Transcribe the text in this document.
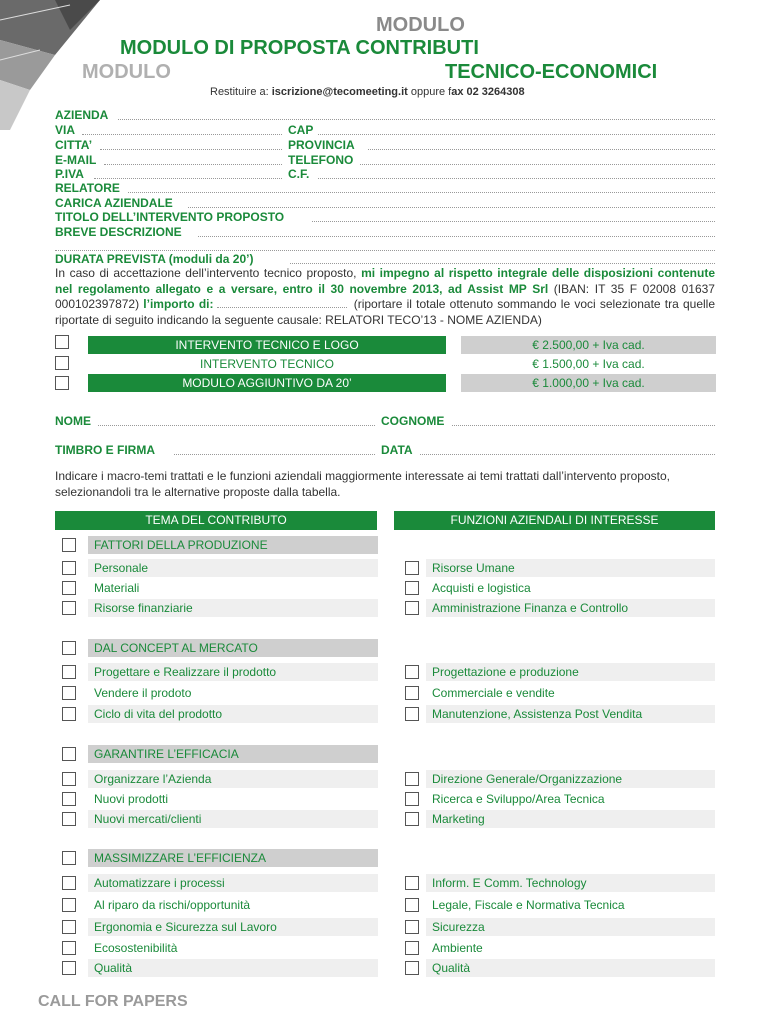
MODULO
MODULO DI PROPOSTA CONTRIBUTI
MODULO	TECNICO-ECONOMICI
Restituire a: iscrizione@tecomeeting.it oppure fax 02 3264308
AZIENDA
VIA	CAP
CITTA’	PROVINCIA
E-MAIL	TELEFONO
P.IVA	C.F.
RELATORE
CARICA AZIENDALE
TITOLO DELL’INTERVENTO PROPOSTO
BREVE DESCRIZIONE
DURATA PREVISTA (moduli da 20’)
In caso di accettazione dell’intervento tecnico proposto, mi impegno al rispetto integrale delle disposizioni contenute nel regolamento allegato e a versare, entro il 30 novembre 2013, ad Assist MP Srl (IBAN: IT 35 F 02008 01637 000102397872) l’importo di:	(riportare il totale ottenuto sommando le voci selezionate tra quelle riportate di seguito indicando la seguente causale: RELATORI TECO’13 - NOME AZIENDA)
INTERVENTO TECNICO E LOGO	€ 2.500,00 + Iva cad.
INTERVENTO TECNICO	€ 1.500,00 + Iva cad.
MODULO AGGIUNTIVO DA 20’	€ 1.000,00 + Iva cad.
NOME	COGNOME
TIMBRO E FIRMA	DATA
Indicare i macro-temi trattati e le funzioni aziendali maggiormente interessate ai temi trattati dall’intervento proposto, selezionandoli tra le alternative proposte dalla tabella.
TEMA DEL CONTRIBUTO	FUNZIONI AZIENDALI DI INTERESSE
FATTORI DELLA PRODUZIONE
Personale	Risorse Umane
Materiali	Acquisti e logistica
Risorse finanziarie	Amministrazione Finanza e Controllo
DAL CONCEPT AL MERCATO
Progettare e Realizzare il prodotto	Progettazione e produzione
Vendere il prodoto	Commerciale e vendite
Ciclo di vita del prodotto	Manutenzione, Assistenza Post Vendita
GARANTIRE L’EFFICACIA
Organizzare l’Azienda	Direzione Generale/Organizzazione
Nuovi prodotti	Ricerca e Sviluppo/Area Tecnica
Nuovi mercati/clienti	Marketing
MASSIMIZZARE L’EFFICIENZA
Automatizzare i processi	Inform. E Comm. Technology
Al riparo da rischi/opportunità	Legale, Fiscale e Normativa Tecnica
Ergonomia e Sicurezza sul Lavoro	Sicurezza
Ecosostenibilità	Ambiente
Qualità	Qualità
CALL FOR PAPERS
